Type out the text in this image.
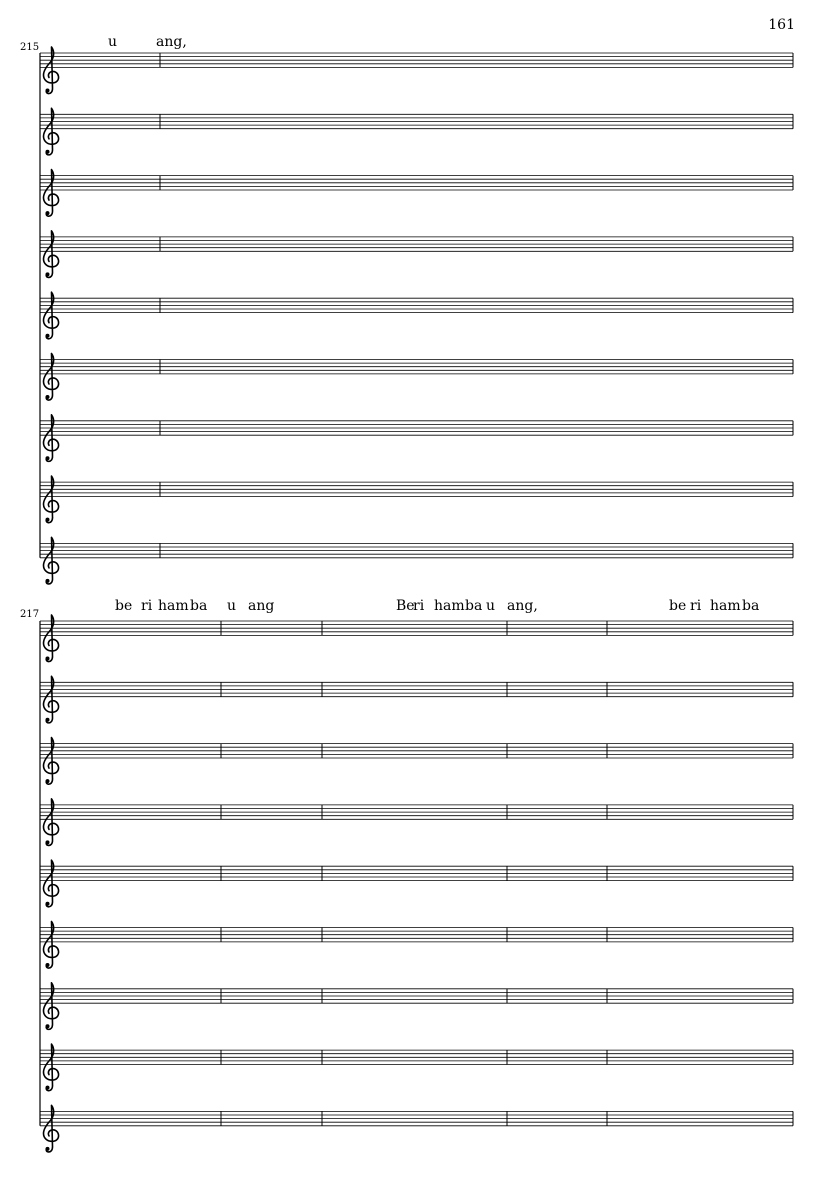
161
215	u	ang,
217
be ri ham ba u ang	Be
ri ham ba u ang,	be ri ham ba
